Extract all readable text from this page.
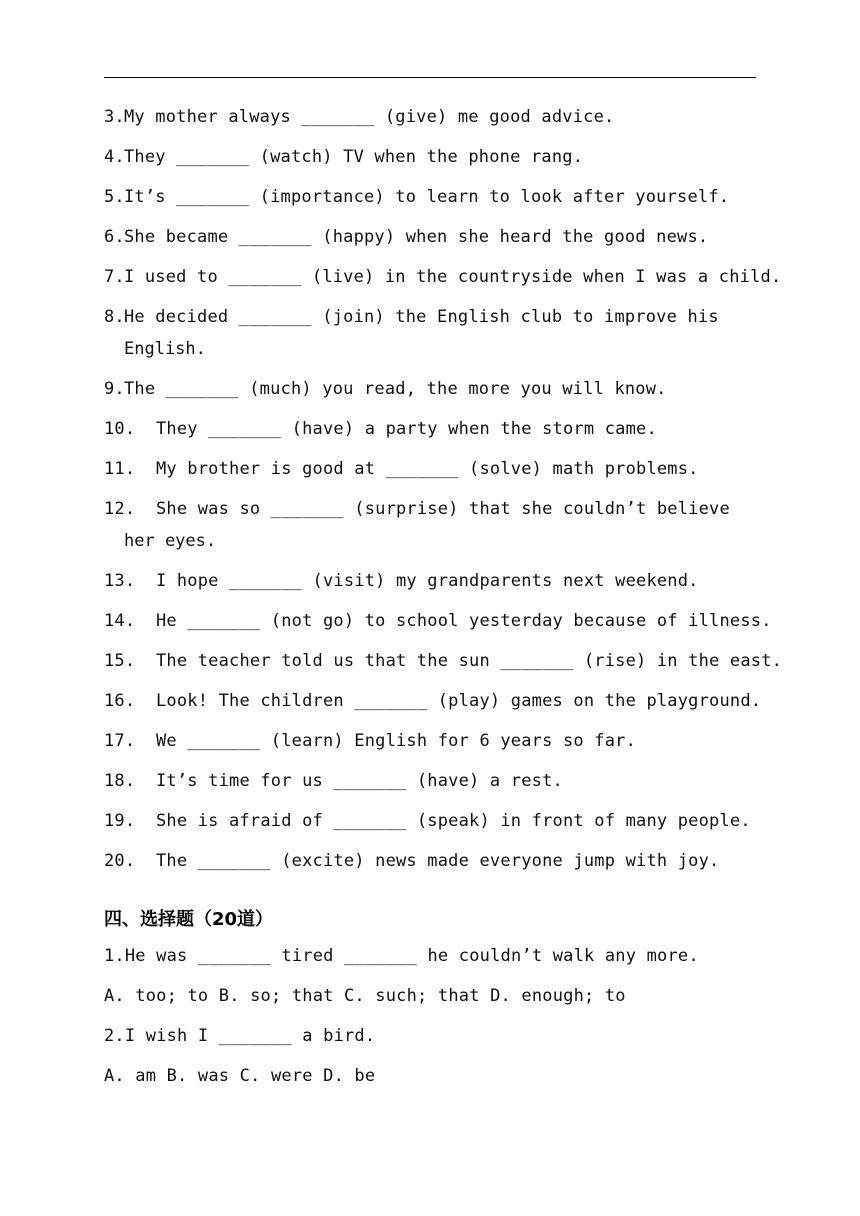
3.My mother always _______ (give) me good advice.
4.They _______ (watch) TV when the phone rang.
5.It’s _______ (importance) to learn to look after yourself.
6.She became _______ (happy) when she heard the good news.
7.I used to _______ (live) in the countryside when I was a child.
8.He decided _______ (join) the English club to improve his
English.
9.The _______ (much) you read, the more you will know.
10. They _______ (have) a party when the storm came.
11. My brother is good at _______ (solve) math problems.
12. She was so _______ (surprise) that she couldn’t believe
her eyes.
13. I hope _______ (visit) my grandparents next weekend.
14. He _______ (not go) to school yesterday because of illness.
15. The teacher told us that the sun _______ (rise) in the east.
16. Look! The children _______ (play) games on the playground.
17. We _______ (learn) English for 6 years so far.
18. It’s time for us _______ (have) a rest.
19. She is afraid of _______ (speak) in front of many people.
20. The _______ (excite) news made everyone jump with joy.
四、选择题（20道）
1.He was _______ tired _______ he couldn’t walk any more.
A. too; to B. so; that C. such; that D. enough; to
2.I wish I _______ a bird.
A. am B. was C. were D. be
